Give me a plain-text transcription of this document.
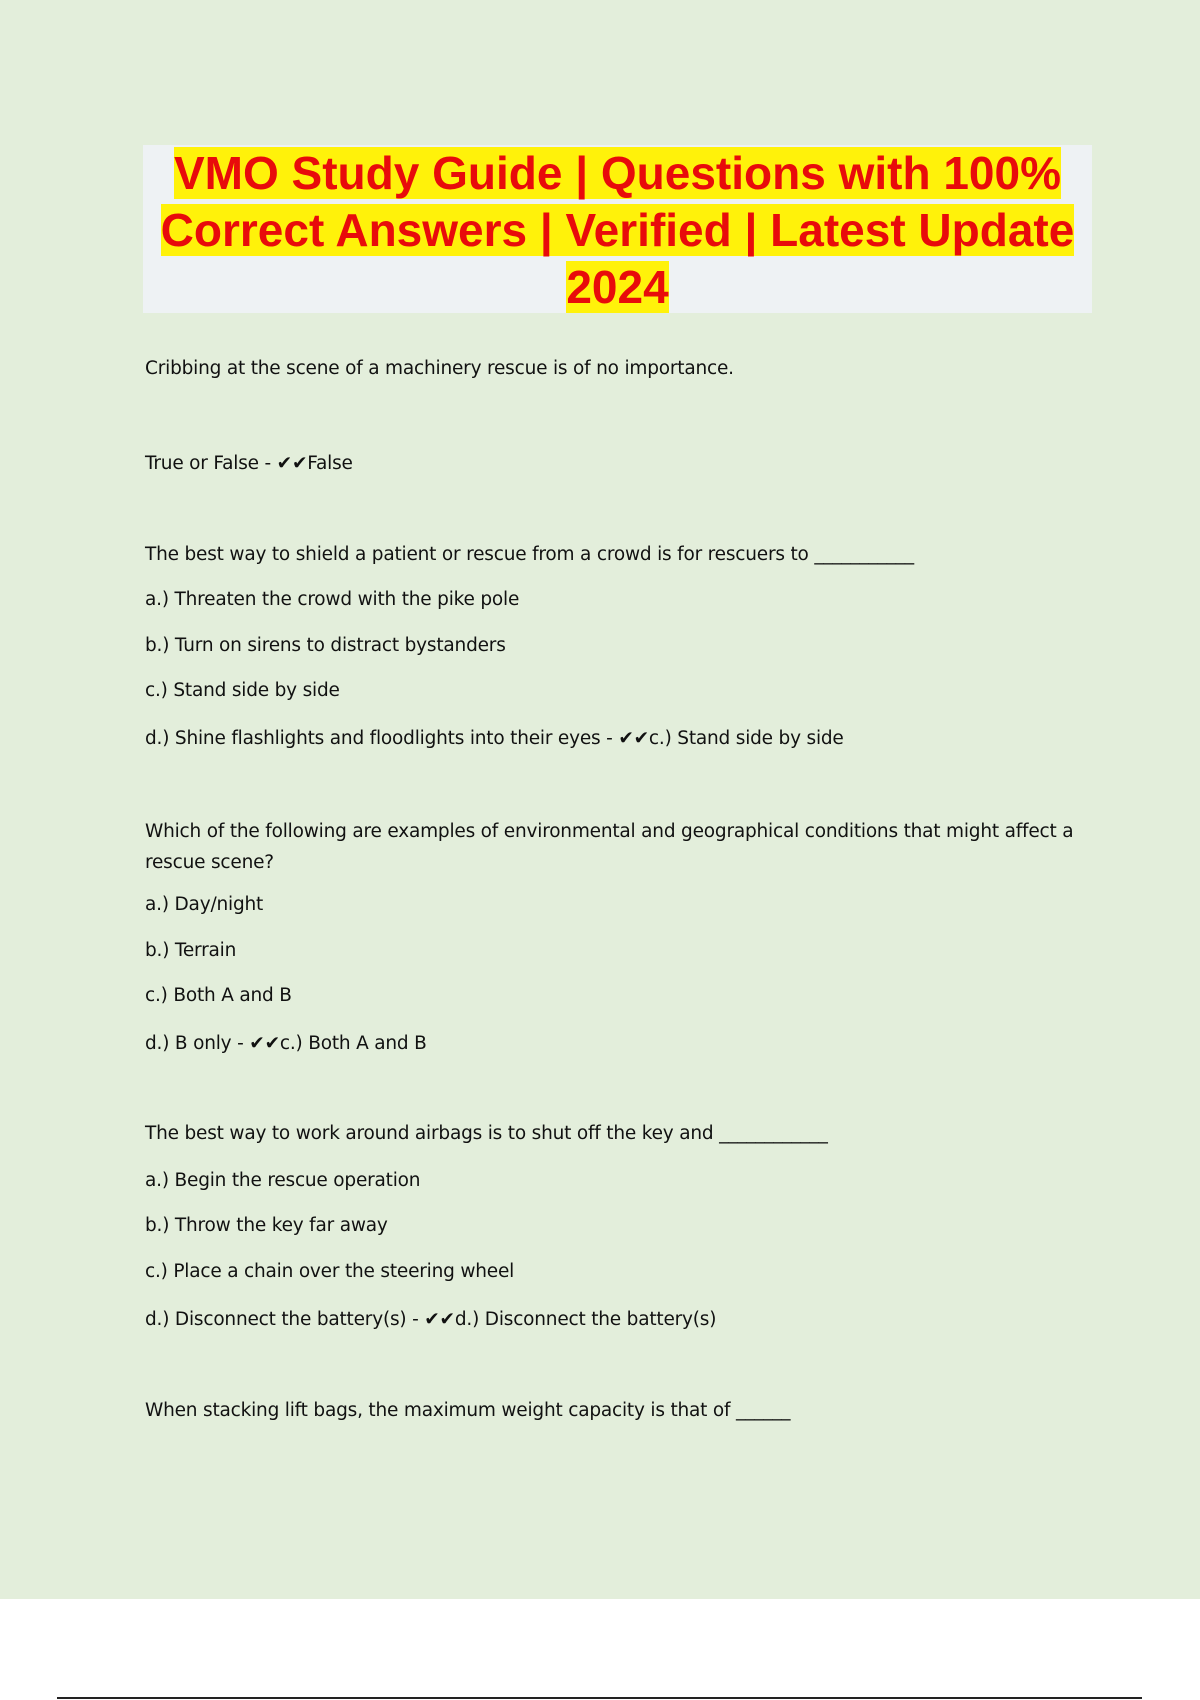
VMO Study Guide | Questions with 100% Correct Answers | Verified | Latest Update 2024
Cribbing at the scene of a machinery rescue is of no importance.
True or False - ✔✔False
The best way to shield a patient or rescue from a crowd is for rescuers to ___________
a.) Threaten the crowd with the pike pole
b.) Turn on sirens to distract bystanders
c.) Stand side by side
d.) Shine flashlights and floodlights into their eyes - ✔✔c.) Stand side by side
Which of the following are examples of environmental and geographical conditions that might affect a rescue scene?
a.) Day/night
b.) Terrain
c.) Both A and B
d.) B only - ✔✔c.) Both A and B
The best way to work around airbags is to shut off the key and ____________
a.) Begin the rescue operation
b.) Throw the key far away
c.) Place a chain over the steering wheel
d.) Disconnect the battery(s) - ✔✔d.) Disconnect the battery(s)
When stacking lift bags, the maximum weight capacity is that of ______
